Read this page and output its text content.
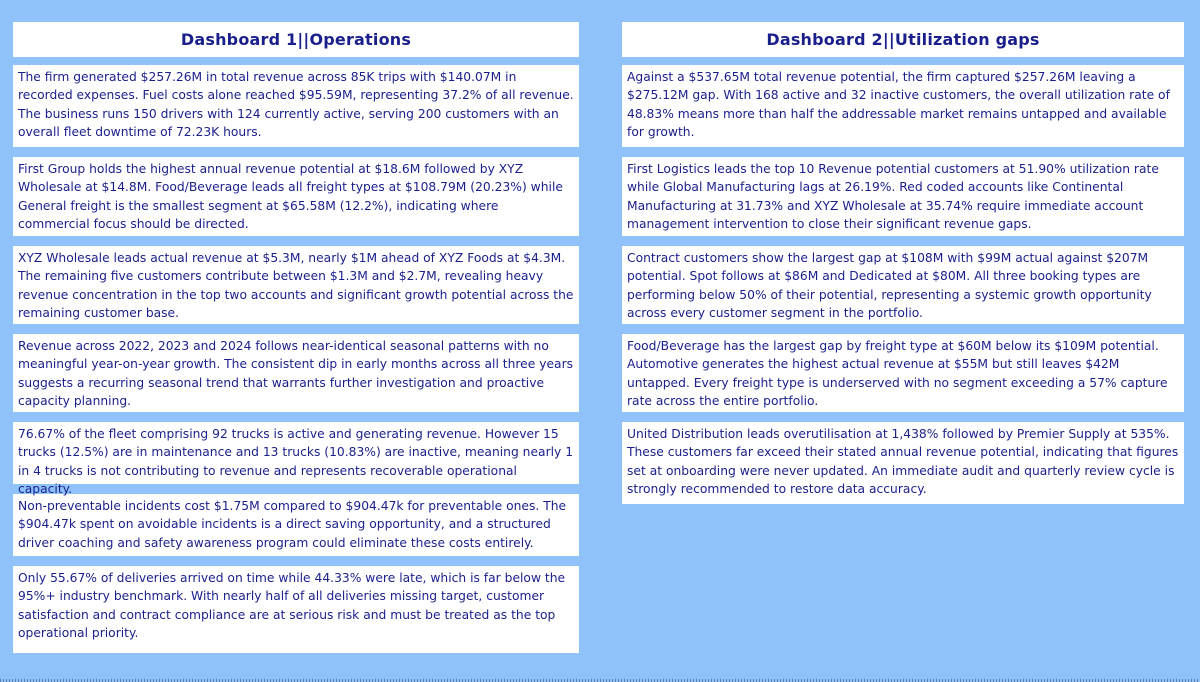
Dashboard 1||Operations
The firm generated $257.26M in total revenue across 85K trips with $140.07M in recorded expenses. Fuel costs alone reached $95.59M, representing 37.2% of all revenue. The business runs 150 drivers with 124 currently active, serving 200 customers with an overall fleet downtime of 72.23K hours.
First Group holds the highest annual revenue potential at $18.6M followed by XYZ Wholesale at $14.8M. Food/Beverage leads all freight types at $108.79M (20.23%) while General freight is the smallest segment at $65.58M (12.2%), indicating where commercial focus should be directed.
XYZ Wholesale leads actual revenue at $5.3M, nearly $1M ahead of XYZ Foods at $4.3M. The remaining five customers contribute between $1.3M and $2.7M, revealing heavy revenue concentration in the top two accounts and significant growth potential across the remaining customer base.
Revenue across 2022, 2023 and 2024 follows near-identical seasonal patterns with no meaningful year-on-year growth. The consistent dip in early months across all three years suggests a recurring seasonal trend that warrants further investigation and proactive capacity planning.
76.67% of the fleet comprising 92 trucks is active and generating revenue. However 15 trucks (12.5%) are in maintenance and 13 trucks (10.83%) are inactive, meaning nearly 1 in 4 trucks is not contributing to revenue and represents recoverable operational capacity.
Non-preventable incidents cost $1.75M compared to $904.47k for preventable ones. The $904.47k spent on avoidable incidents is a direct saving opportunity, and a structured driver coaching and safety awareness program could eliminate these costs entirely.
Only 55.67% of deliveries arrived on time while 44.33% were late, which is far below the 95%+ industry benchmark. With nearly half of all deliveries missing target, customer satisfaction and contract compliance are at serious risk and must be treated as the top operational priority.
Dashboard 2||Utilization gaps
Against a $537.65M total revenue potential, the firm captured $257.26M leaving a $275.12M gap. With 168 active and 32 inactive customers, the overall utilization rate of 48.83% means more than half the addressable market remains untapped and available for growth.
First Logistics leads the top 10 Revenue potential customers at 51.90% utilization rate while Global Manufacturing lags at 26.19%. Red coded accounts like Continental Manufacturing at 31.73% and XYZ Wholesale at 35.74% require immediate account management intervention to close their significant revenue gaps.
Contract customers show the largest gap at $108M with $99M actual against $207M potential. Spot follows at $86M and Dedicated at $80M. All three booking types are performing below 50% of their potential, representing a systemic growth opportunity across every customer segment in the portfolio.
Food/Beverage has the largest gap by freight type at $60M below its $109M potential. Automotive generates the highest actual revenue at $55M but still leaves $42M untapped. Every freight type is underserved with no segment exceeding a 57% capture rate across the entire portfolio.
United Distribution leads overutilisation at 1,438% followed by Premier Supply at 535%. These customers far exceed their stated annual revenue potential, indicating that figures set at onboarding were never updated. An immediate audit and quarterly review cycle is strongly recommended to restore data accuracy.
